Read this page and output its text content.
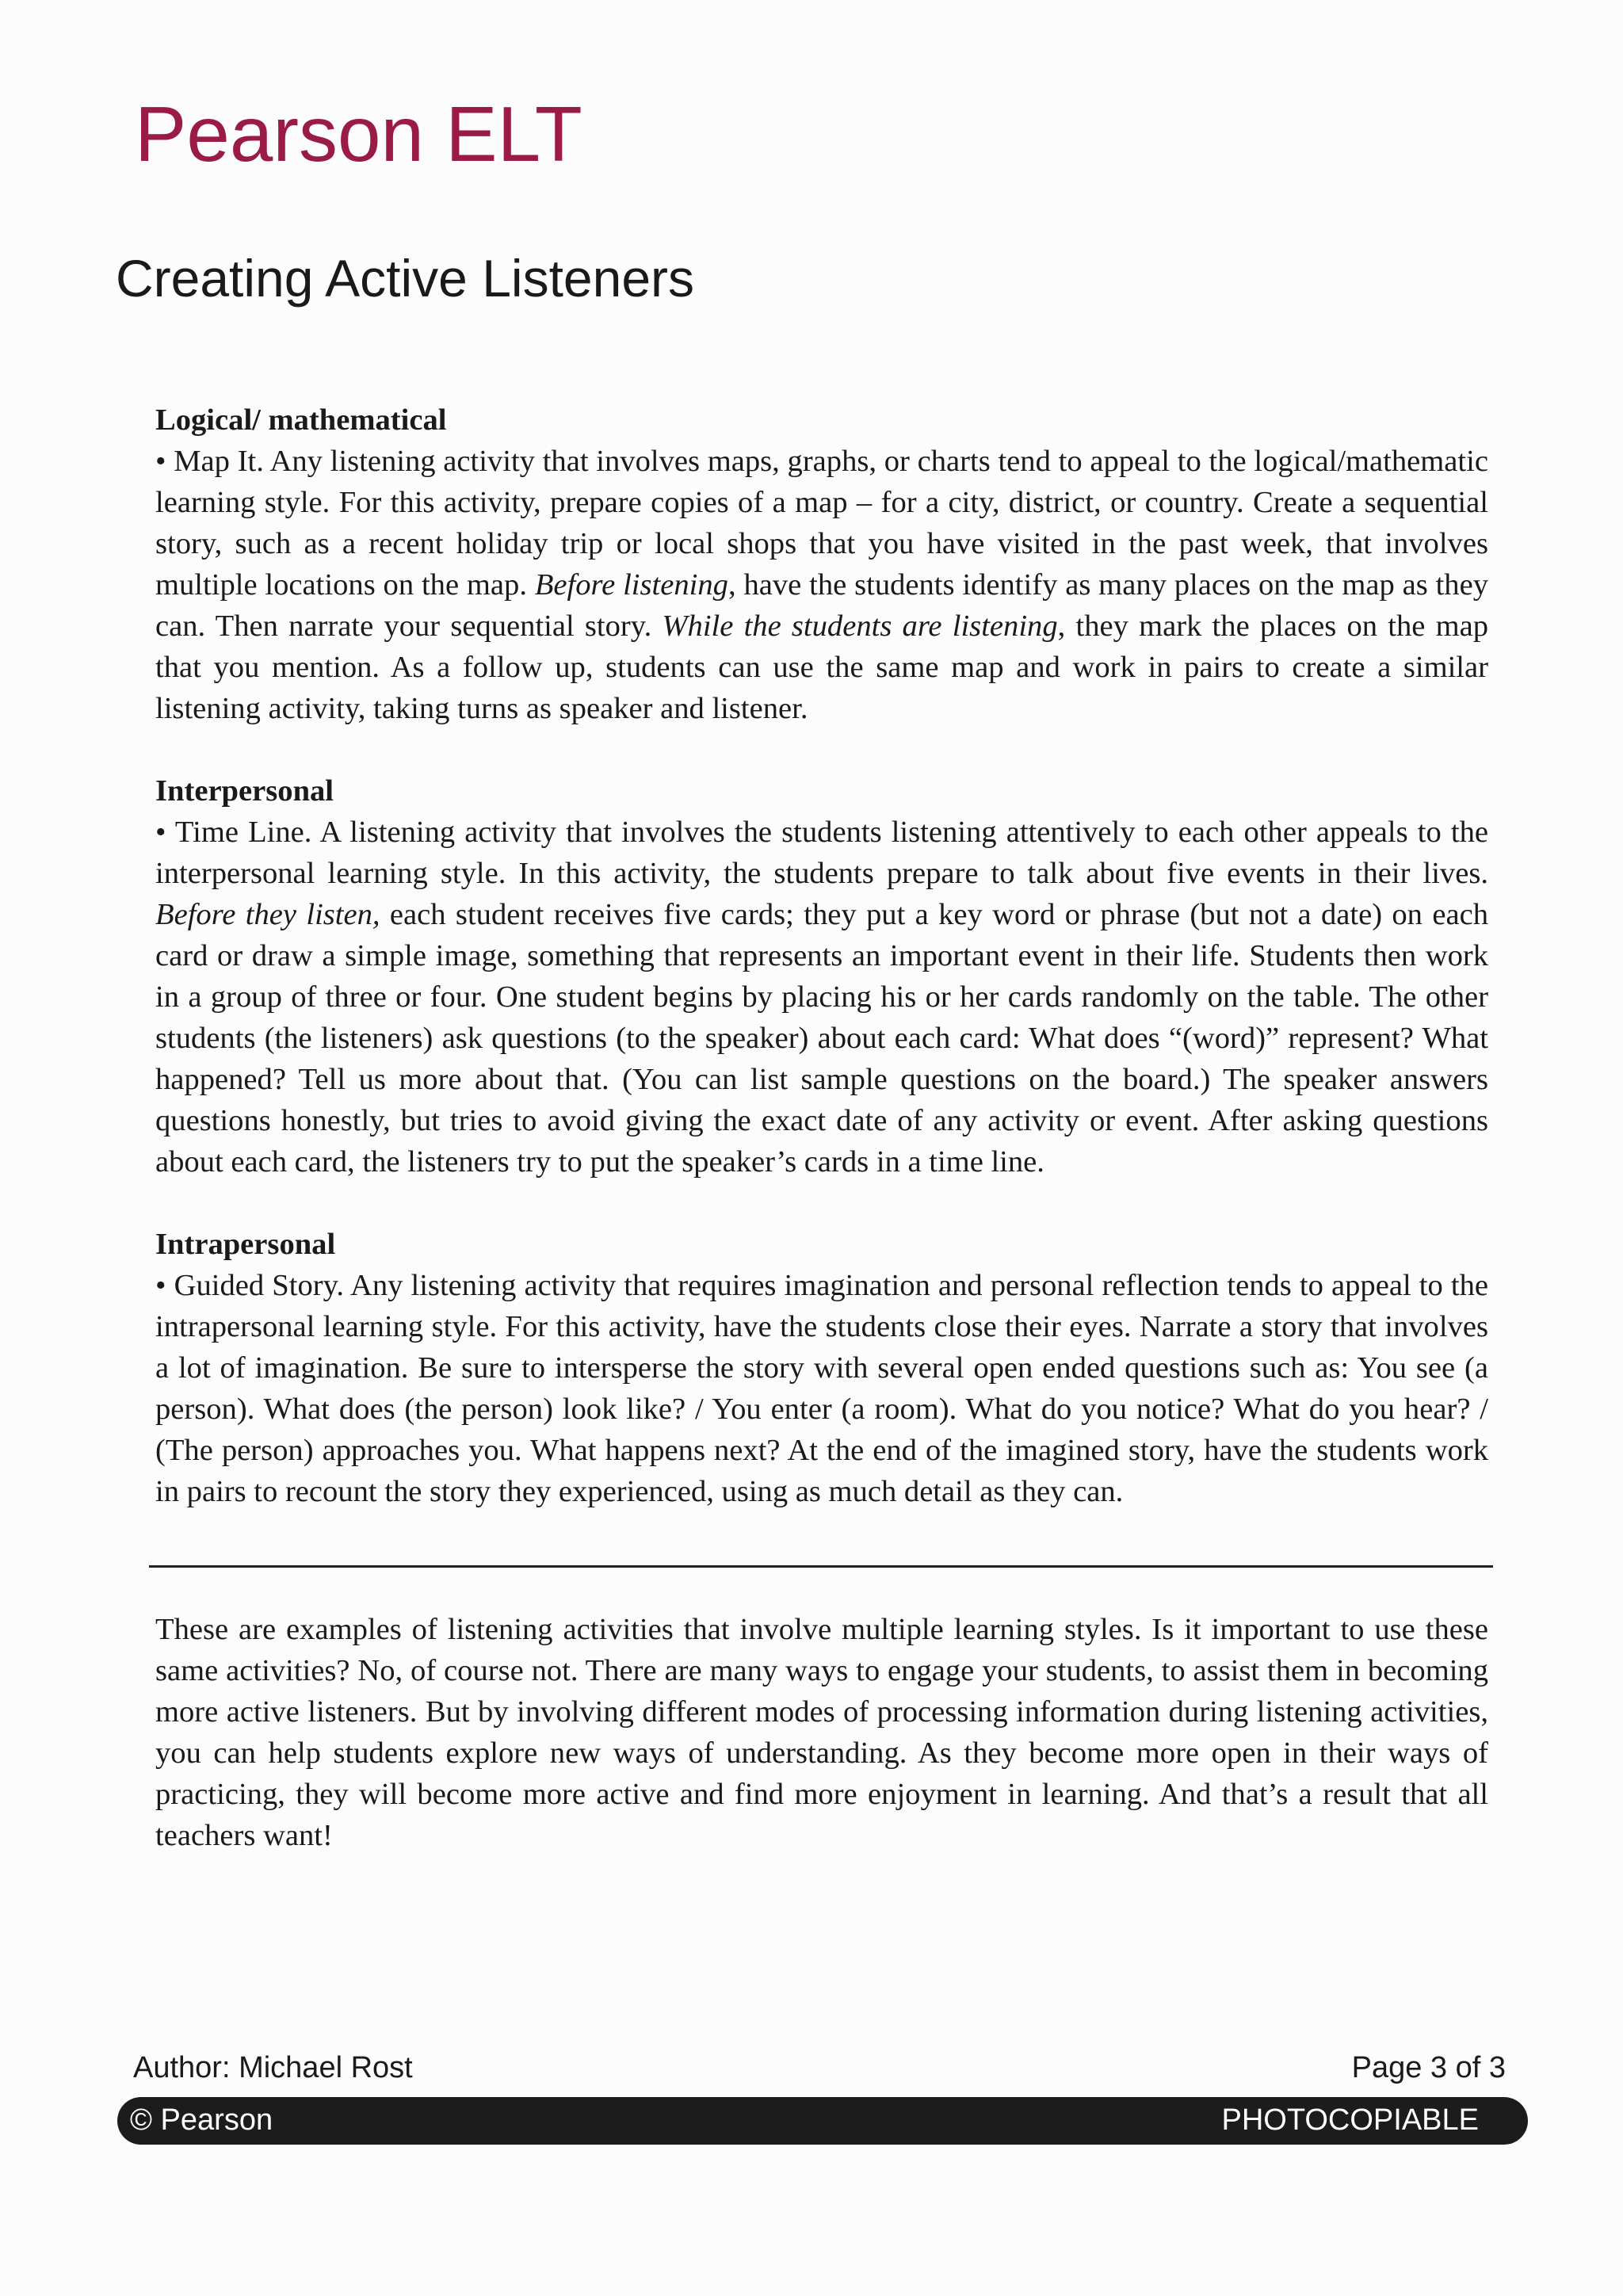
Pearson ELT
Creating Active Listeners
Logical/ mathematical

• Map It. Any listening activity that involves maps, graphs, or charts tend to appeal to the logical/mathematic learning style. For this activity, prepare copies of a map – for a city, district, or country. Create a sequential story, such as a recent holiday trip or local shops that you have visited in the past week, that involves multiple locations on the map. Before listening, have the students identify as many places on the map as they can. Then narrate your sequential story. While the students are listening, they mark the places on the map that you mention. As a follow up, students can use the same map and work in pairs to create a similar listening activity, taking turns as speaker and listener.

Interpersonal

• Time Line. A listening activity that involves the students listening attentively to each other appeals to the interpersonal learning style. In this activity, the students prepare to talk about five events in their lives. Before they listen, each student receives five cards; they put a key word or phrase (but not a date) on each card or draw a simple image, something that represents an important event in their life. Students then work in a group of three or four. One student begins by placing his or her cards randomly on the table. The other students (the listeners) ask questions (to the speaker) about each card: What does “(word)” represent? What happened? Tell us more about that. (You can list sample questions on the board.) The speaker answers questions honestly, but tries to avoid giving the exact date of any activity or event. After asking questions about each card, the listeners try to put the speaker’s cards in a time line.

Intrapersonal

• Guided Story. Any listening activity that requires imagination and personal reflection tends to appeal to the intrapersonal learning style. For this activity, have the students close their eyes. Narrate a story that involves a lot of imagination. Be sure to intersperse the story with several open ended questions such as: You see (a person). What does (the person) look like? / You enter (a room). What do you notice? What do you hear? / (The person) approaches you. What happens next? At the end of the imagined story, have the students work in pairs to recount the story they experienced, using as much detail as they can.

These are examples of listening activities that involve multiple learning styles. Is it important to use these same activities? No, of course not. There are many ways to engage your students, to assist them in becoming more active listeners. But by involving different modes of processing information during listening activities, you can help students explore new ways of understanding. As they become more open in their ways of practicing, they will become more active and find more enjoyment in learning. And that’s a result that all teachers want!

Author: Michael Rost	Page 3 of 3
© Pearson	PHOTOCOPIABLE
